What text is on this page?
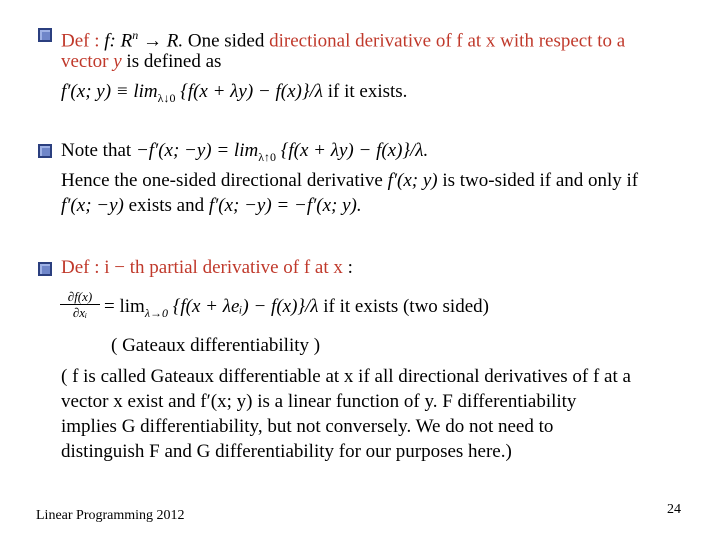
Def : f: $R^n \to R$. One sided directional derivative of f at x with respect to a
vector y is defined as
f′(x; $y) \equiv \lim_{\lambda↓0} \{f(x + \lambda y) - f(x)\}/\lambda$ if it exists.
Note that −f′(x; $-y) = \lim_{\lambda↑0} \{f(x + \lambda y) - f(x)\}/\lambda$.
Hence the one-sided directional derivative f′(x; y) is two-sided if and only if
f′(x; −y) exists and f′(x; −y) = −f′(x; y).
Def : i − th partial derivative of f at x :
$\frac{\partial f(x)}{\text{∂xᵢ}} = \lim_{\lambda\to 0} \{f(x$ + λeᵢ) − f(x)}/λ if it exists (two sided)
( Gateaux differentiability )
( f is called Gateaux differentiable at x if all directional derivatives of f at a
vector x exist and f′(x; y) is a linear function of y. F differentiability
implies G differentiability, but not conversely. We do not need to
distinguish F and G differentiability for our purposes here.)
Linear Programming 2012	24
